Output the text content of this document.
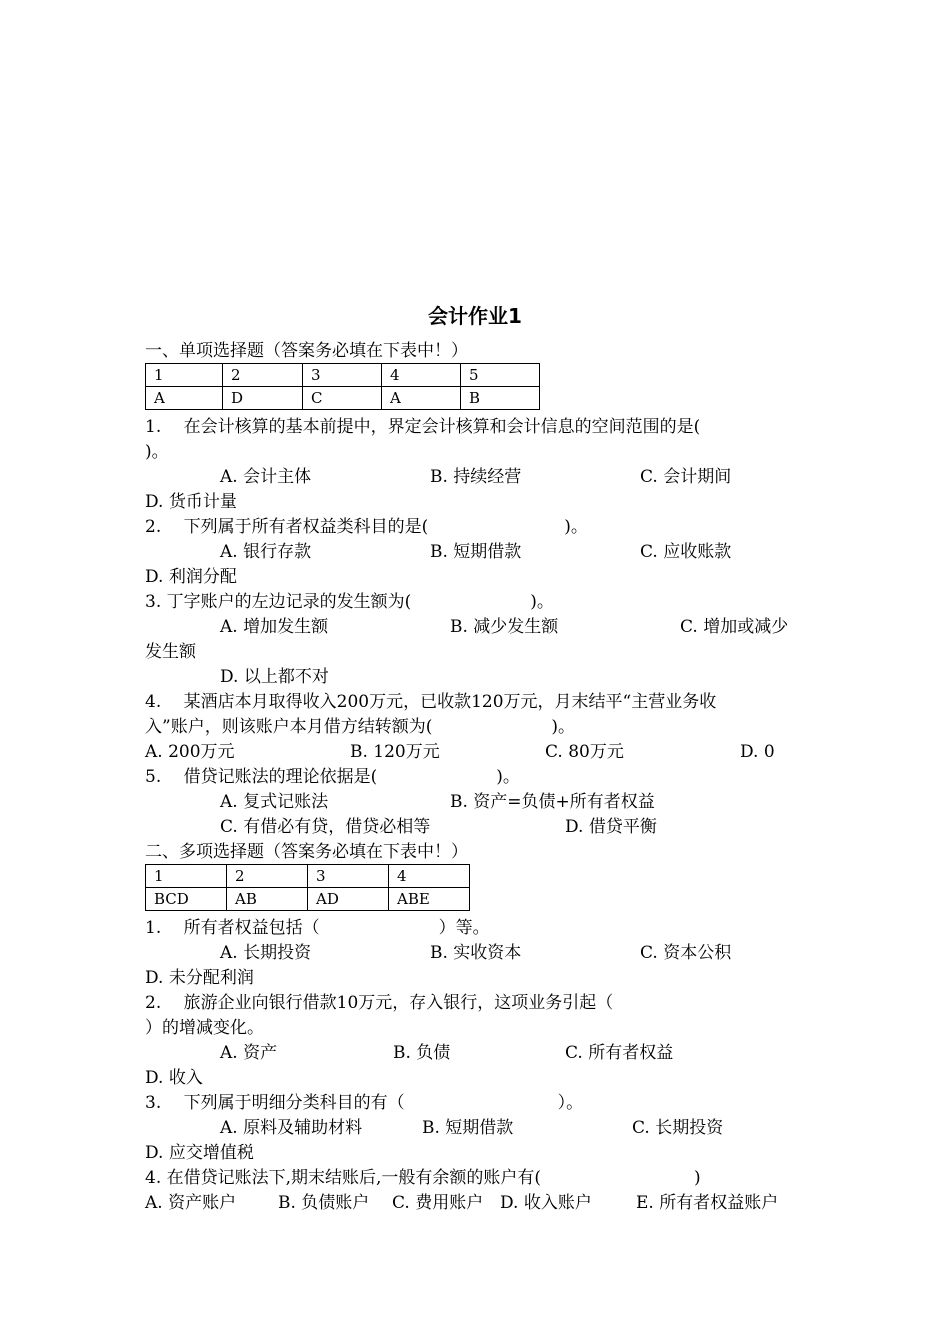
会计作业1
一、单项选择题（答案务必填在下表中！）
1	2	3	4	5
A	D	C	A	B
1.　 在会计核算的基本前提中，界定会计核算和会计信息的空间范围的是(
)。
A. 会计主体	B. 持续经营	C. 会计期间
D. 货币计量
2.　 下列属于所有者权益类科目的是(　　　　　　　　)。
A. 银行存款	B. 短期借款	C. 应收账款
D. 利润分配
3. 丁字账户的左边记录的发生额为(　　　　　　　)。
A. 增加发生额	B. 减少发生额	C. 增加或减少
发生额
D. 以上都不对
4.　 某酒店本月取得收入200万元，已收款120万元，月末结平“主营业务收
入”账户，则该账户本月借方结转额为(　　　　　　　)。
A. 200万元	B. 120万元	C. 80万元	D. 0
5.　 借贷记账法的理论依据是(　　　　　　　)。
A. 复式记账法	B. 资产=负债+所有者权益
C. 有借必有贷，借贷必相等	D. 借贷平衡
二、多项选择题（答案务必填在下表中！）
1	2	3	4
BCD	AB	AD	ABE
1.　 所有者权益包括（　　　　　　　）等。
A. 长期投资	B. 实收资本	C. 资本公积
D. 未分配利润
2.　 旅游企业向银行借款10万元，存入银行，这项业务引起（
）的增减变化。
A. 资产	B. 负债	C. 所有者权益
D. 收入
3.　 下列属于明细分类科目的有（　　　　　　　　　）。
A. 原料及辅助材料	B. 短期借款	C. 长期投资
D. 应交增值税
4. 在借贷记账法下,期末结账后,一般有余额的账户有(　　　　　　　　　)
A. 资产账户 B. 负债账户 C. 费用账户 D. 收入账户	E. 所有者权益账户
